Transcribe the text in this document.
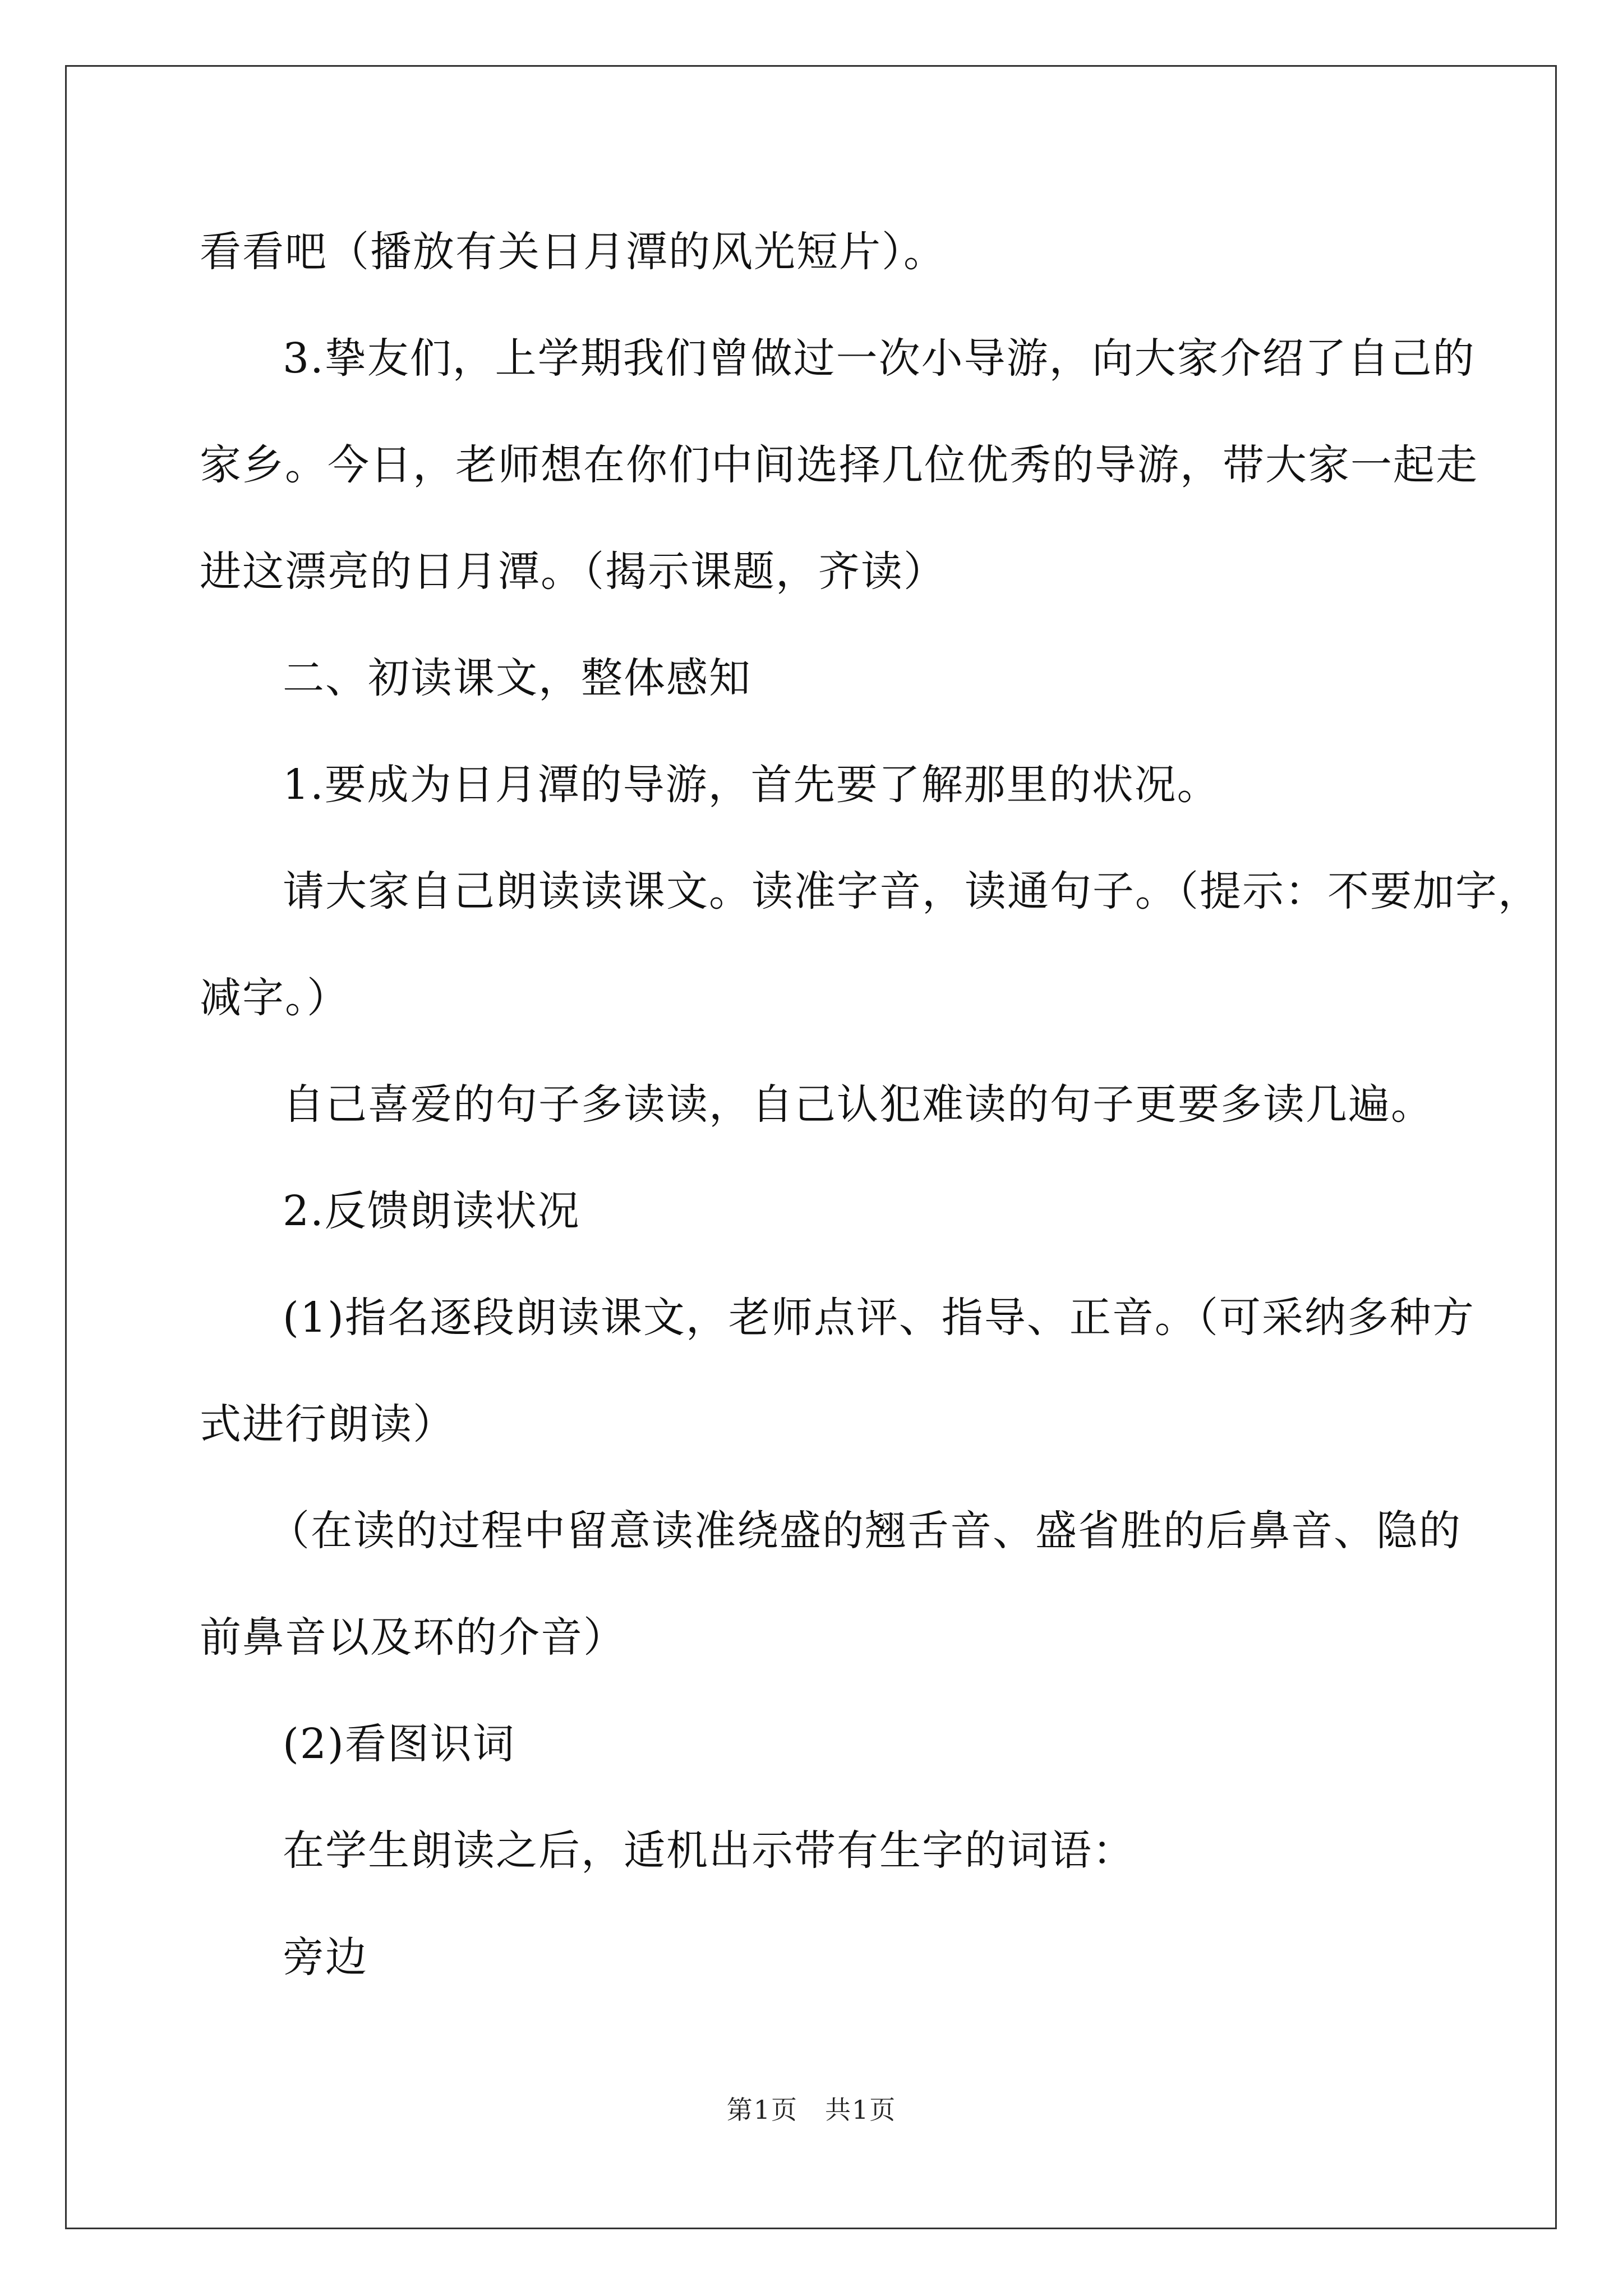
看看吧（播放有关日月潭的风光短片）。

3.挚友们，上学期我们曾做过一次小导游，向大家介绍了自己的

家乡。今日，老师想在你们中间选择几位优秀的导游，带大家一起走

进这漂亮的日月潭。（揭示课题，齐读）

二、初读课文，整体感知

1.要成为日月潭的导游，首先要了解那里的状况。

请大家自己朗读读课文。读准字音，读通句子。（提示：不要加字，

减字。）

自己喜爱的句子多读读，自己认犯难读的句子更要多读几遍。

2.反馈朗读状况

(1)指名逐段朗读课文，老师点评、指导、正音。（可采纳多种方

式进行朗读）

（在读的过程中留意读准绕盛的翘舌音、盛省胜的后鼻音、隐的

前鼻音以及环的介音）

(2)看图识词

在学生朗读之后，适机出示带有生字的词语：

旁边

第1页　共1页
